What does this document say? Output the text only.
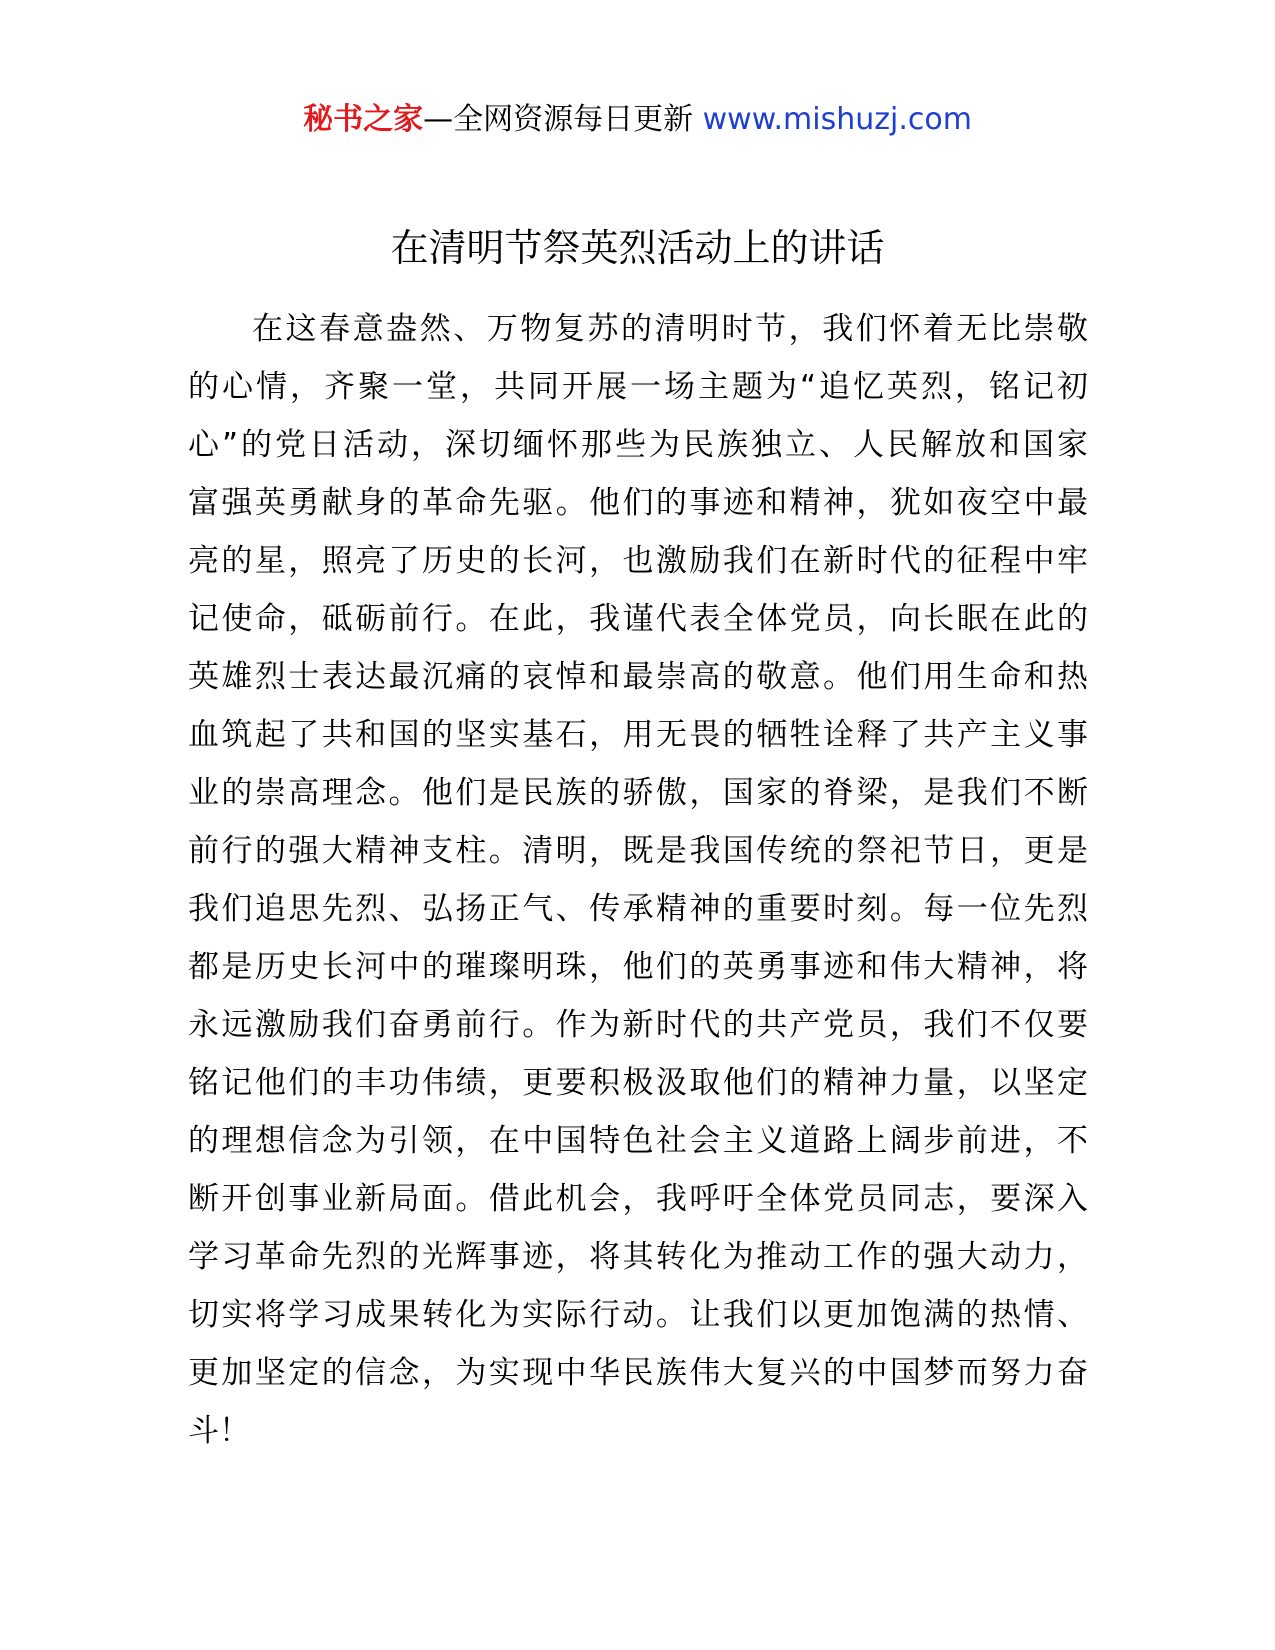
秘书之家—全网资源每日更新 www.mishuzj.com
在清明节祭英烈活动上的讲话
在这春意盎然、万物复苏的清明时节，我们怀着无比崇敬
的心情，齐聚一堂，共同开展一场主题为“追忆英烈，铭记初
心”的党日活动，深切缅怀那些为民族独立、人民解放和国家
富强英勇献身的革命先驱。他们的事迹和精神，犹如夜空中最
亮的星，照亮了历史的长河，也激励我们在新时代的征程中牢
记使命，砥砺前行。在此，我谨代表全体党员，向长眠在此的
英雄烈士表达最沉痛的哀悼和最崇高的敬意。他们用生命和热
血筑起了共和国的坚实基石，用无畏的牺牲诠释了共产主义事
业的崇高理念。他们是民族的骄傲，国家的脊梁，是我们不断
前行的强大精神支柱。清明，既是我国传统的祭祀节日，更是
我们追思先烈、弘扬正气、传承精神的重要时刻。每一位先烈
都是历史长河中的璀璨明珠，他们的英勇事迹和伟大精神，将
永远激励我们奋勇前行。作为新时代的共产党员，我们不仅要
铭记他们的丰功伟绩，更要积极汲取他们的精神力量，以坚定
的理想信念为引领，在中国特色社会主义道路上阔步前进，不
断开创事业新局面。借此机会，我呼吁全体党员同志，要深入
学习革命先烈的光辉事迹，将其转化为推动工作的强大动力，
切实将学习成果转化为实际行动。让我们以更加饱满的热情、
更加坚定的信念，为实现中华民族伟大复兴的中国梦而努力奋
斗！
